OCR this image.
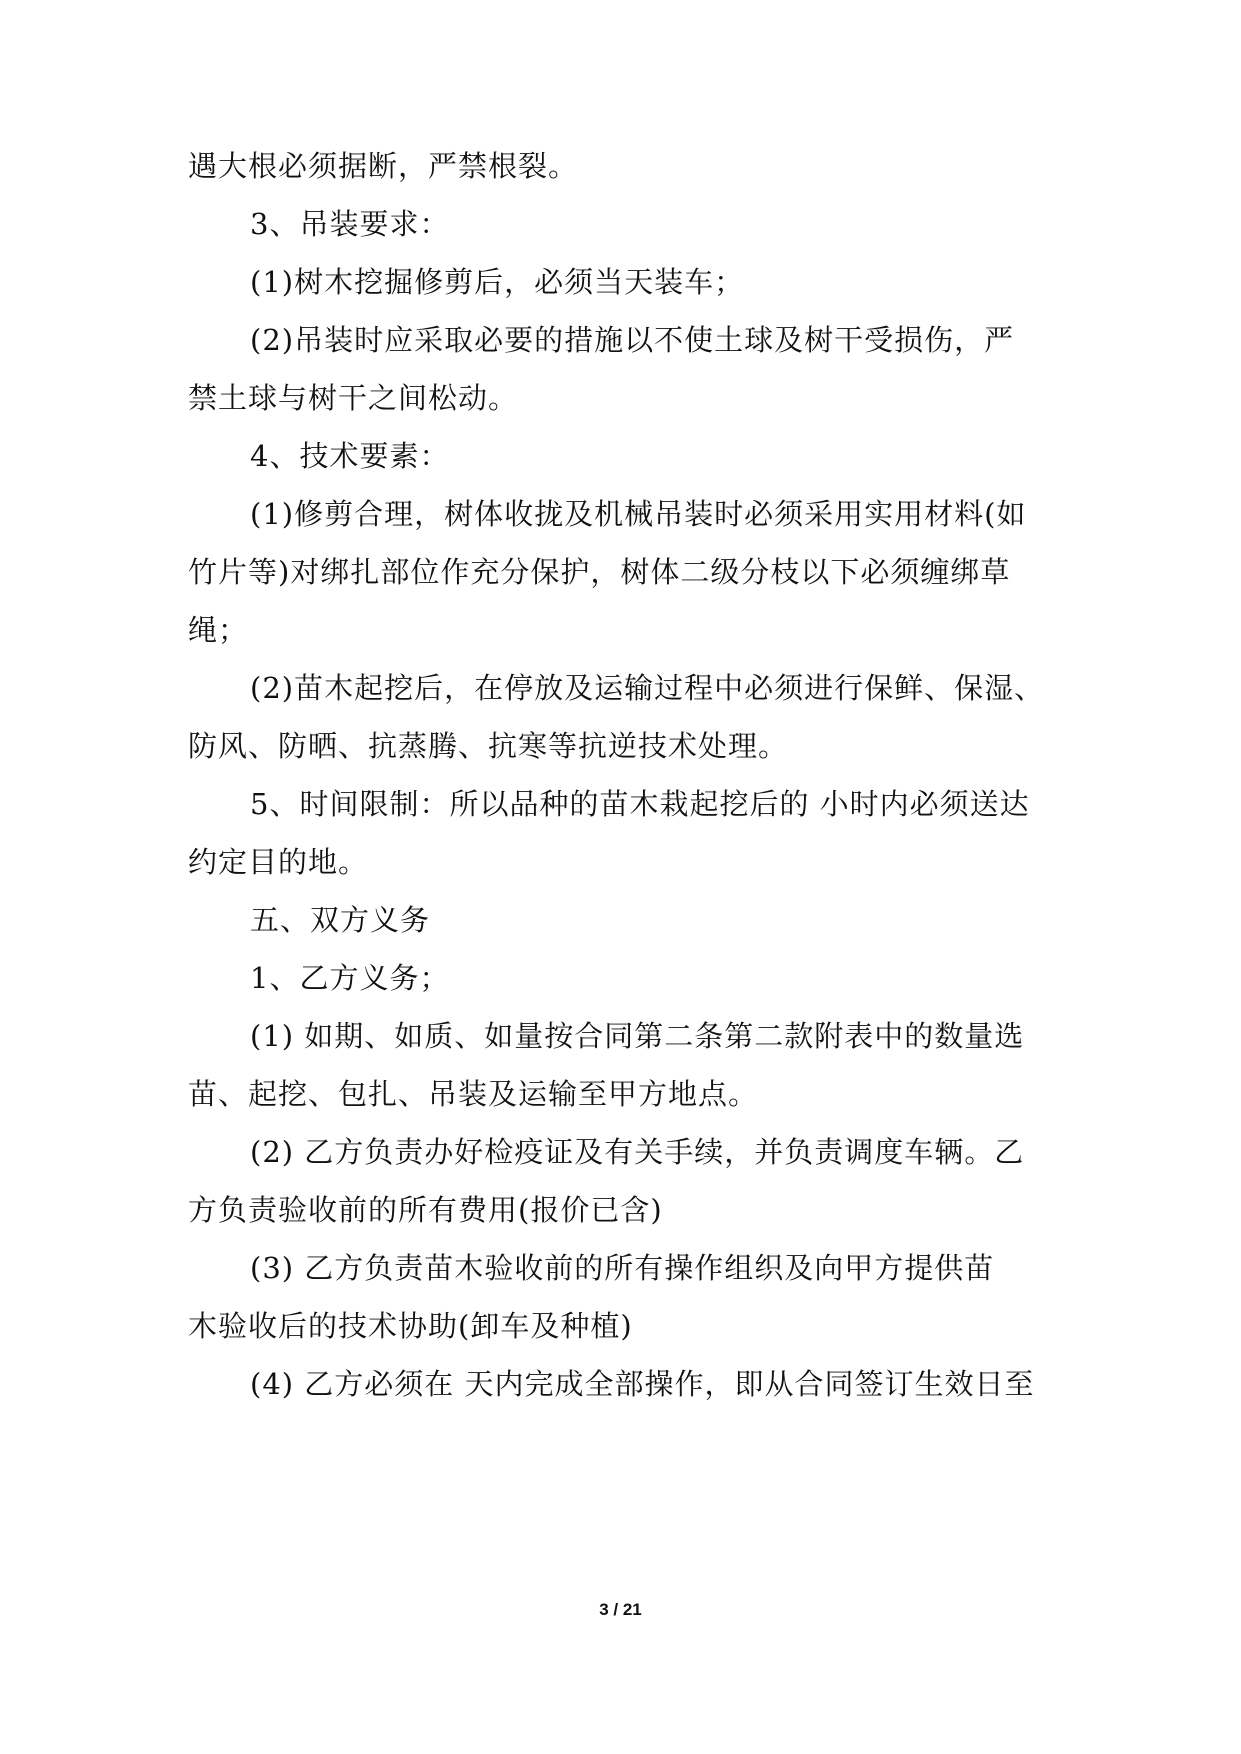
遇大根必须据断，严禁根裂。
3、吊装要求：
(1)树木挖掘修剪后，必须当天装车；
(2)吊装时应采取必要的措施以不使土球及树干受损伤，严
禁土球与树干之间松动。
4、技术要素：
(1)修剪合理，树体收拢及机械吊装时必须采用实用材料(如
竹片等)对绑扎部位作充分保护，树体二级分枝以下必须缠绑草
绳；
(2)苗木起挖后，在停放及运输过程中必须进行保鲜、保湿、
防风、防晒、抗蒸腾、抗寒等抗逆技术处理。
5、时间限制：所以品种的苗木栽起挖后的 小时内必须送达
约定目的地。
五、双方义务
1、乙方义务；
(1) 如期、如质、如量按合同第二条第二款附表中的数量选
苗、起挖、包扎、吊装及运输至甲方地点。
(2) 乙方负责办好检疫证及有关手续，并负责调度车辆。乙
方负责验收前的所有费用(报价已含)
(3) 乙方负责苗木验收前的所有操作组织及向甲方提供苗
木验收后的技术协助(卸车及种植)
(4) 乙方必须在 天内完成全部操作，即从合同签订生效日至
3 / 21
